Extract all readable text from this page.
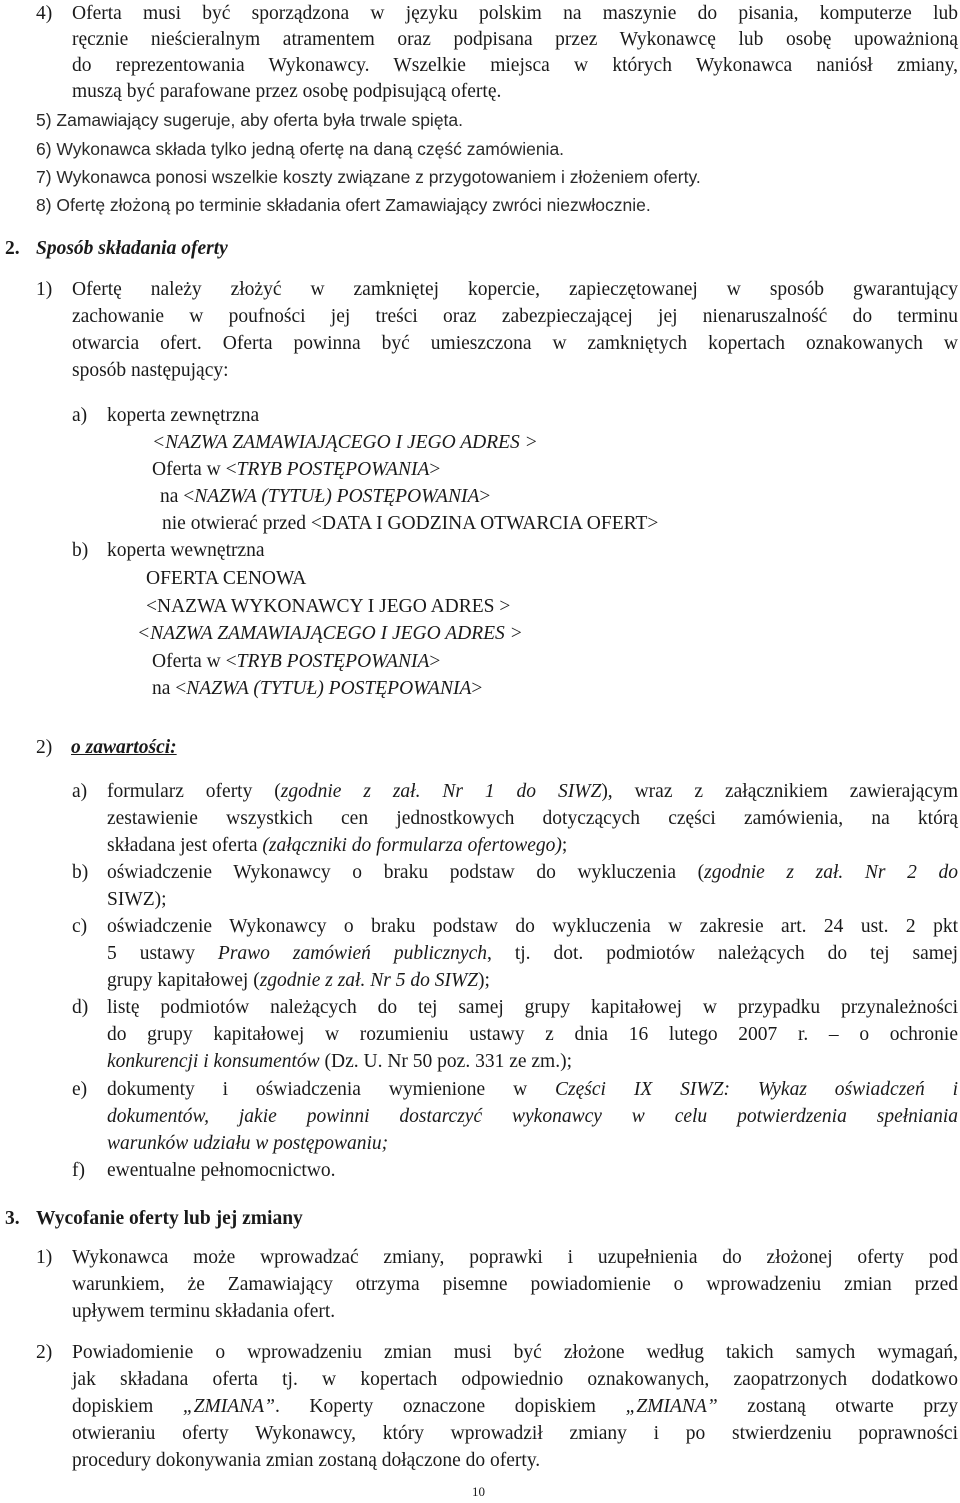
4) Oferta musi być sporządzona w języku polskim na maszynie do pisania, komputerze lub
ręcznie nieścieralnym atramentem oraz podpisana przez Wykonawcę lub osobę upoważnioną
do reprezentowania Wykonawcy. Wszelkie miejsca w których Wykonawca naniósł zmiany,
muszą być parafowane przez osobę podpisującą ofertę.
5) Zamawiający sugeruje, aby oferta była trwale spięta.
6) Wykonawca składa tylko jedną ofertę na daną część zamówienia.
7) Wykonawca ponosi wszelkie koszty związane z przygotowaniem i złożeniem oferty.
8) Ofertę złożoną po terminie składania ofert Zamawiający zwróci niezwłocznie.
2. Sposób składania oferty
1) Ofertę należy złożyć w zamkniętej kopercie, zapieczętowanej w sposób gwarantujący
zachowanie w poufności jej treści oraz zabezpieczającej jej nienaruszalność do terminu
otwarcia ofert. Oferta powinna być umieszczona w zamkniętych kopertach oznakowanych w
sposób następujący:
a) koperta zewnętrzna
<NAZWA ZAMAWIAJĄCEGO I JEGO ADRES >
Oferta w <TRYB POSTĘPOWANIA>
na <NAZWA (TYTUŁ) POSTĘPOWANIA>
nie otwierać przed <DATA I GODZINA OTWARCIA OFERT>
b) koperta wewnętrzna
OFERTA CENOWA
<NAZWA WYKONAWCY I JEGO ADRES >
<NAZWA ZAMAWIAJĄCEGO I JEGO ADRES >
Oferta w <TRYB POSTĘPOWANIA>
na <NAZWA (TYTUŁ) POSTĘPOWANIA>
2) o zawartości:
a) formularz oferty (zgodnie z zał. Nr 1 do SIWZ), wraz z załącznikiem zawierającym
zestawienie wszystkich cen jednostkowych dotyczących części zamówienia, na którą
składana jest oferta (załączniki do formularza ofertowego);
b) oświadczenie Wykonawcy o braku podstaw do wykluczenia (zgodnie z zał. Nr 2 do
SIWZ);
c) oświadczenie Wykonawcy o braku podstaw do wykluczenia w zakresie art. 24 ust. 2 pkt
5 ustawy Prawo zamówień publicznych, tj. dot. podmiotów należących do tej samej
grupy kapitałowej (zgodnie z zał. Nr 5 do SIWZ);
d) listę podmiotów należących do tej samej grupy kapitałowej w przypadku przynależności
do grupy kapitałowej w rozumieniu ustawy z dnia 16 lutego 2007 r. – o ochronie
konkurencji i konsumentów (Dz. U. Nr 50 poz. 331 ze zm.);
e) dokumenty i oświadczenia wymienione w Części IX SIWZ: Wykaz oświadczeń i
dokumentów, jakie powinni dostarczyć wykonawcy w celu potwierdzenia spełniania
warunków udziału w postępowaniu;
f) ewentualne pełnomocnictwo.
3. Wycofanie oferty lub jej zmiany
1) Wykonawca może wprowadzać zmiany, poprawki i uzupełnienia do złożonej oferty pod
warunkiem, że Zamawiający otrzyma pisemne powiadomienie o wprowadzeniu zmian przed
upływem terminu składania ofert.
2) Powiadomienie o wprowadzeniu zmian musi być złożone według takich samych wymagań,
jak składana oferta tj. w kopertach odpowiednio oznakowanych, zaopatrzonych dodatkowo
dopiskiem „ZMIANA”. Koperty oznaczone dopiskiem „ZMIANA” zostaną otwarte przy
otwieraniu oferty Wykonawcy, który wprowadził zmiany i po stwierdzeniu poprawności
procedury dokonywania zmian zostaną dołączone do oferty.
10
